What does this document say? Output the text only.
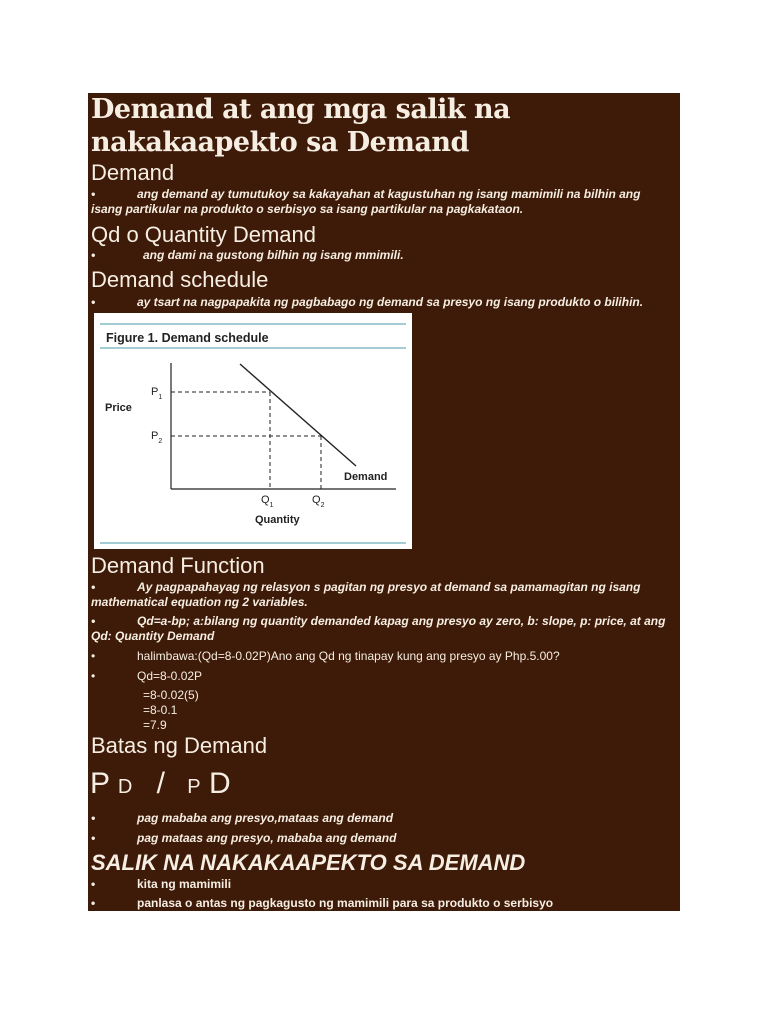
Demand at ang mga salik na nakakaapekto sa Demand
Demand
•	ang demand ay tumutukoy sa kakayahan at kagustuhan ng isang mamimili na bilhin ang isang partikular na produkto o serbisyo sa isang partikular na pagkakataon.
Qd o Quantity Demand
•	ang dami na gustong bilhin ng isang mmimili.
Demand schedule
•	ay tsart na nagpapakita ng pagbabago ng demand sa presyo ng isang produkto o bilihin.
Figure 1. Demand schedule
Price
Quantity
$P_1$
$P_2$
$Q_1$	$Q_2$
Demand
Demand Function
•	Ay pagpapahayag ng relasyon s pagitan ng presyo at demand sa pamamagitan ng isang mathematical equation ng 2 variables.
•	Qd=a-bp; a:bilang ng quantity demanded kapag ang presyo ay zero, b: slope, p: price, at ang Qd: Quantity Demand
•	halimbawa:(Qd=8-0.02P)Ano ang Qd ng tinapay kung ang presyo ay Php.5.00?
•	Qd=8-0.02P
=8-0.02(5)
=8-0.1
=7.9
Batas ng Demand
P D / P D
•	pag mababa ang presyo,mataas ang demand
•	pag mataas ang presyo, mababa ang demand
SALIK NA NAKAKAAPEKTO SA DEMAND
•	kita ng mamimili
•	panlasa o antas ng pagkagusto ng mamimili para sa produkto o serbisyo
